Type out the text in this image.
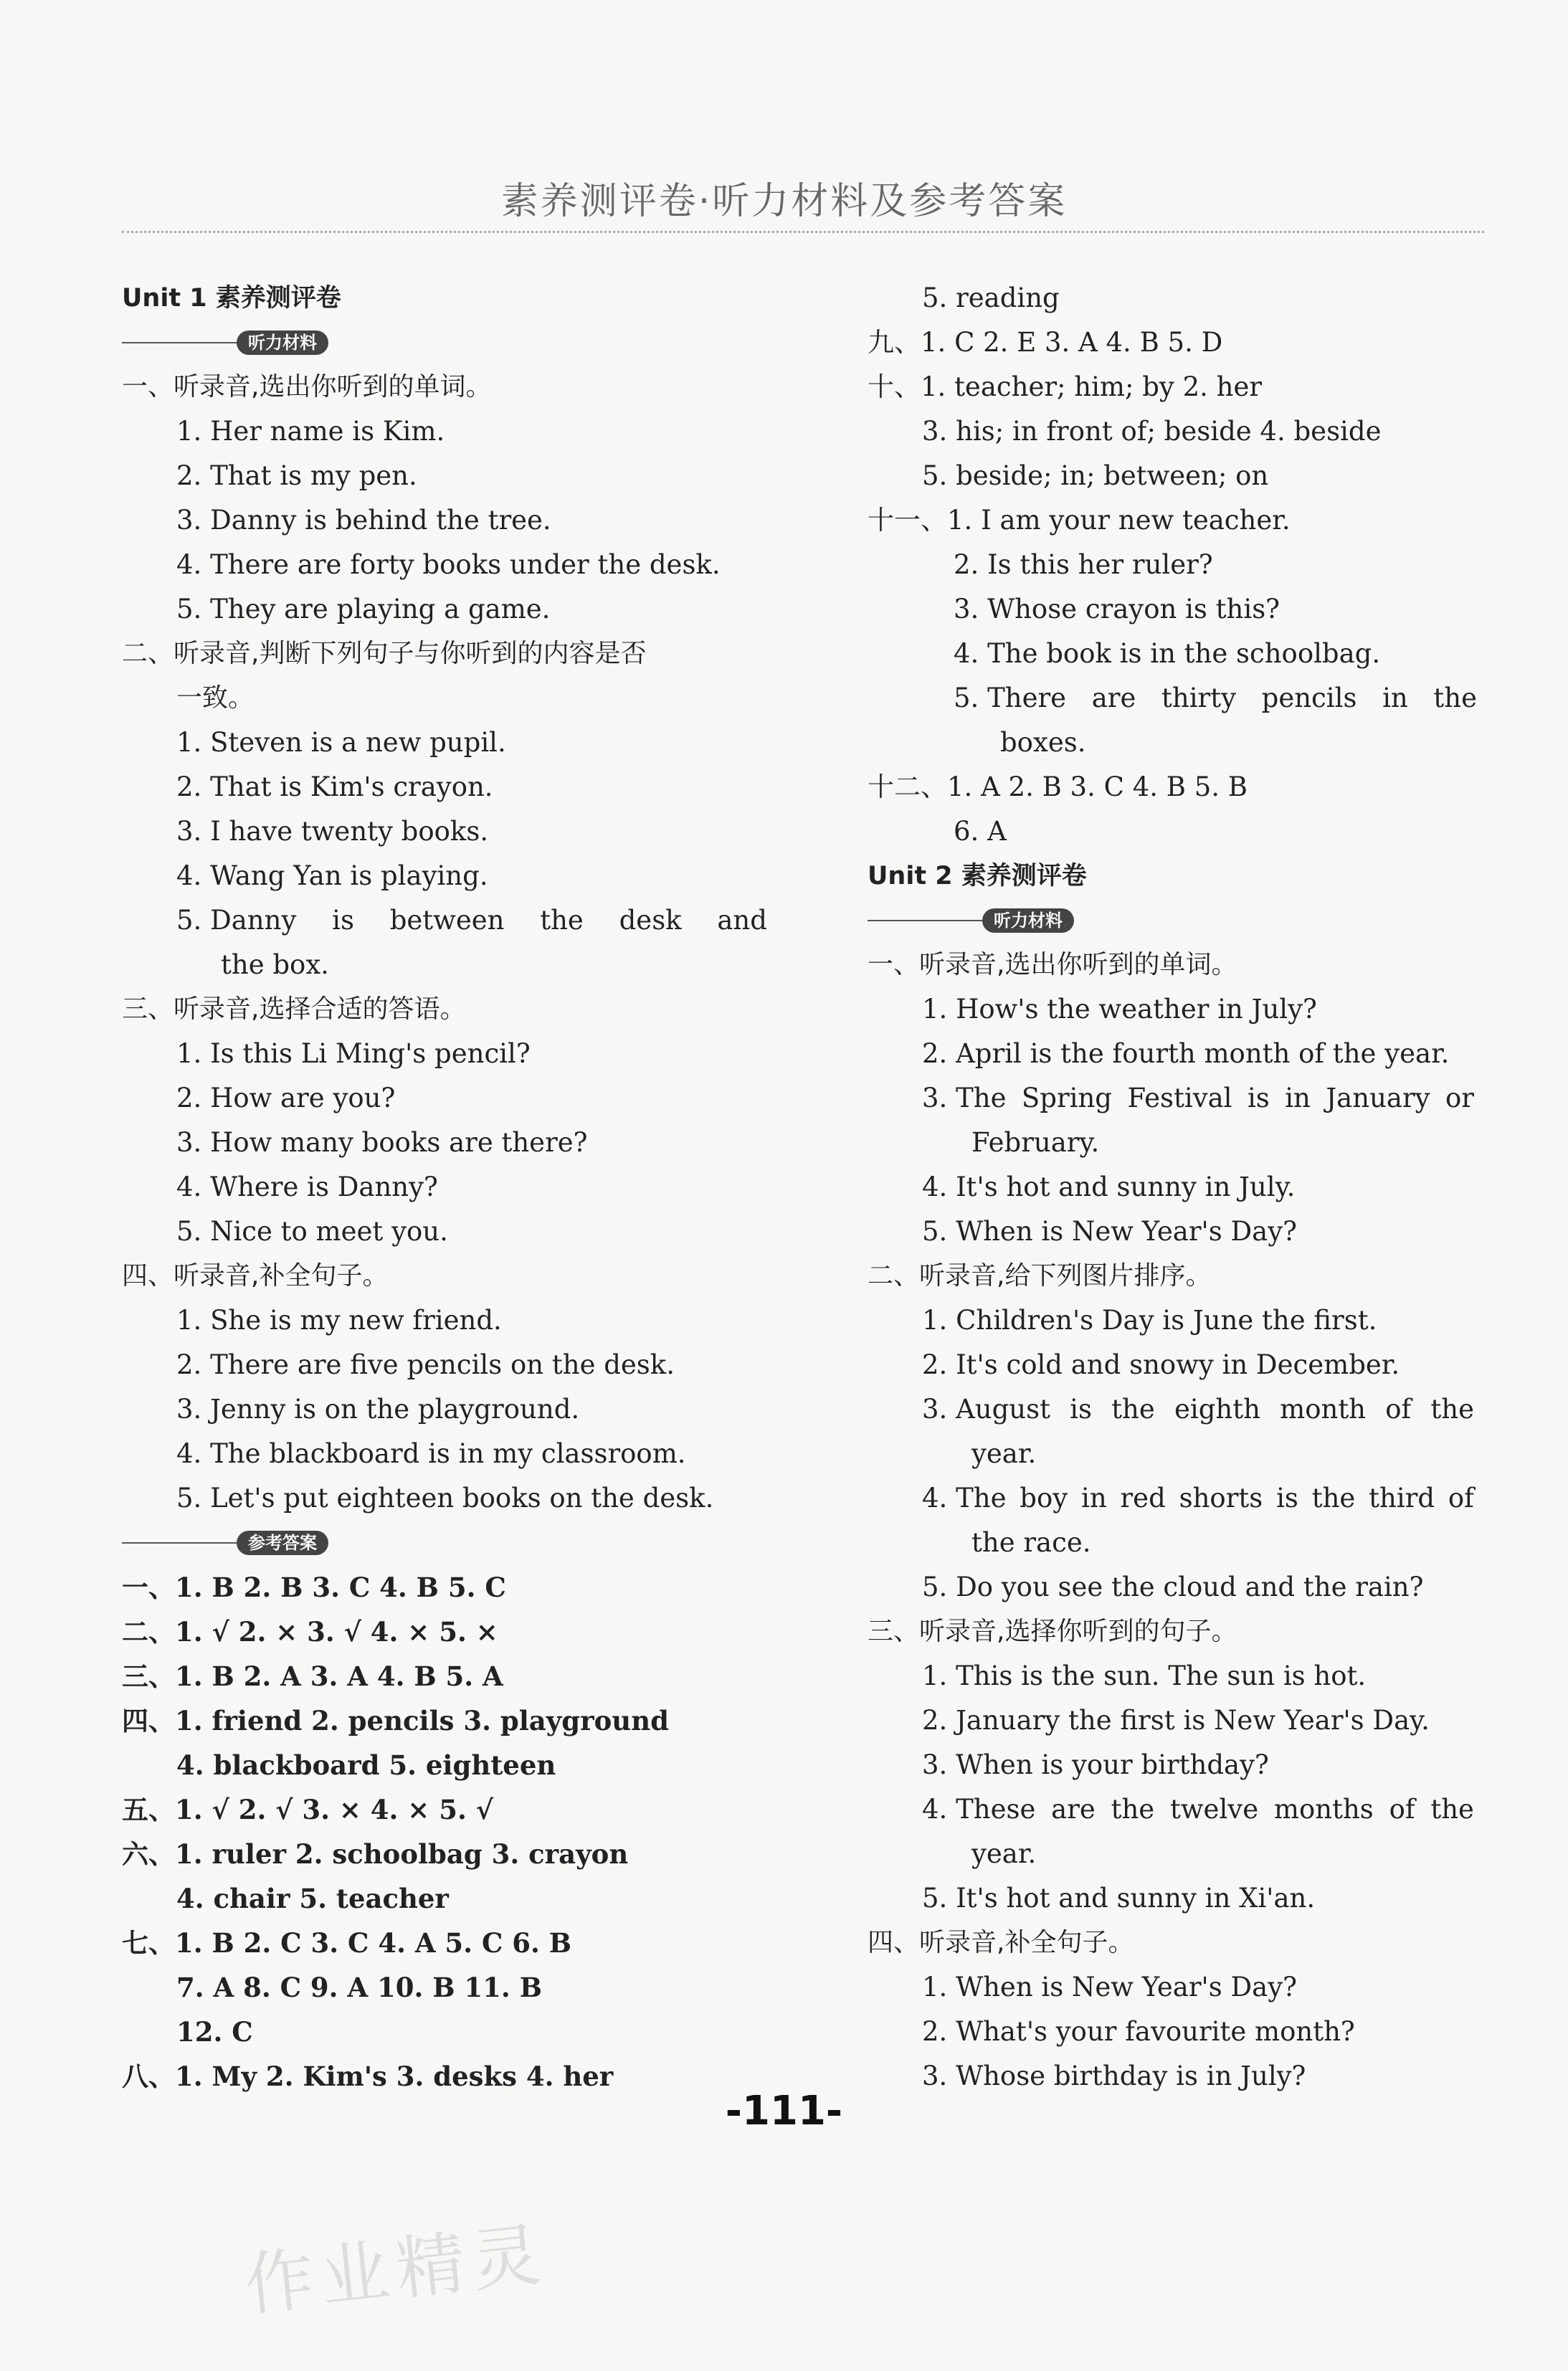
素养测评卷·听力材料及参考答案
Unit 1 素养测评卷
听力材料
一、听录音,选出你听到的单词。
1. Her name is Kim.
2. That is my pen.
3. Danny is behind the tree.
4. There are forty books under the desk.
5. They are playing a game.
二、听录音,判断下列句子与你听到的内容是否
一致。
1. Steven is a new pupil.
2. That is Kim's crayon.
3. I have twenty books.
4. Wang Yan is playing.
5. Danny is between the desk and
the box.
三、听录音,选择合适的答语。
1. Is this Li Ming's pencil?
2. How are you?
3. How many books are there?
4. Where is Danny?
5. Nice to meet you.
四、听录音,补全句子。
1. She is my new friend.
2. There are five pencils on the desk.
3. Jenny is on the playground.
4. The blackboard is in my classroom.
5. Let's put eighteen books on the desk.
参考答案
一、1. B 2. B 3. C 4. B 5. C
二、1. √ 2. × 3. √ 4. × 5. ×
三、1. B 2. A 3. A 4. B 5. A
四、1. friend 2. pencils 3. playground
4. blackboard 5. eighteen
五、1. √ 2. √ 3. × 4. × 5. √
六、1. ruler 2. schoolbag 3. crayon
4. chair 5. teacher
七、1. B 2. C 3. C 4. A 5. C 6. B
7. A 8. C 9. A 10. B 11. B
12. C
八、1. My 2. Kim's 3. desks 4. her
5. reading
九、1. C 2. E 3. A 4. B 5. D
十、1. teacher; him; by 2. her
3. his; in front of; beside 4. beside
5. beside; in; between; on
十一、1. I am your new teacher.
2. Is this her ruler?
3. Whose crayon is this?
4. The book is in the schoolbag.
5. There are thirty pencils in the
boxes.
十二、1. A 2. B 3. C 4. B 5. B
6. A
Unit 2 素养测评卷
听力材料
一、听录音,选出你听到的单词。
1. How's the weather in July?
2. April is the fourth month of the year.
3. The Spring Festival is in January or
February.
4. It's hot and sunny in July.
5. When is New Year's Day?
二、听录音,给下列图片排序。
1. Children's Day is June the first.
2. It's cold and snowy in December.
3. August is the eighth month of the
year.
4. The boy in red shorts is the third of
the race.
5. Do you see the cloud and the rain?
三、听录音,选择你听到的句子。
1. This is the sun. The sun is hot.
2. January the first is New Year's Day.
3. When is your birthday?
4. These are the twelve months of the
year.
5. It's hot and sunny in Xi'an.
四、听录音,补全句子。
1. When is New Year's Day?
2. What's your favourite month?
3. Whose birthday is in July?
-111-
作业精灵
